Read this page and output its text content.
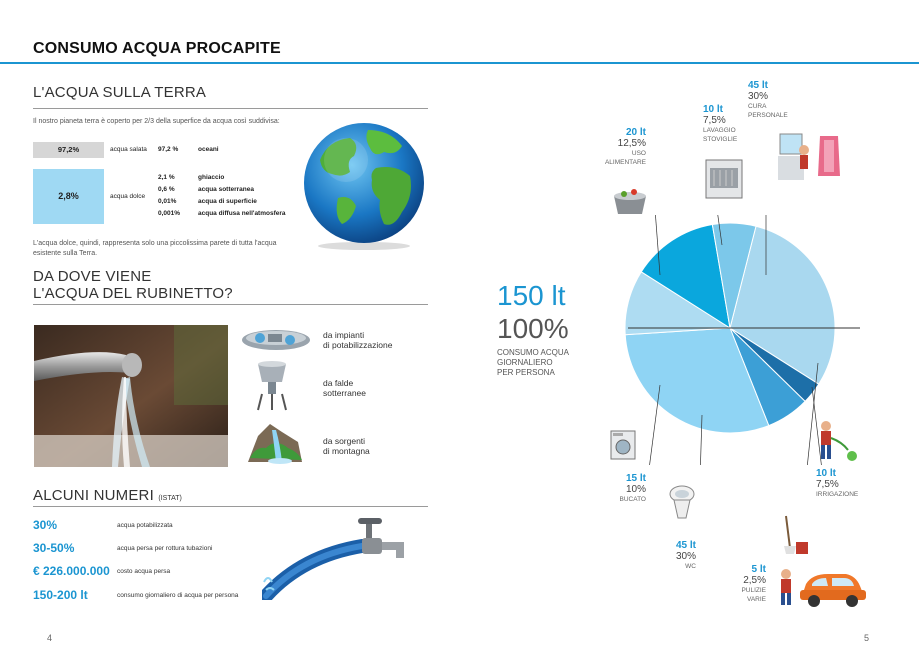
CONSUMO ACQUA PROCAPITE
L'ACQUA SULLA TERRA
Il nostro pianeta terra è coperto per 2/3 della superfice da acqua così suddivisa:
97,2%	acqua salata 97,2 %	oceani
2,8%	acqua dolce
2,1 %	ghiaccio
0,6 %	acqua sotterranea
0,01%	acqua di superficie
0,001%	acqua diffusa nell'atmosfera
L'acqua dolce, quindi, rappresenta solo una piccolissima parete di tutta l'acqua
esistente sulla Terra.
DA DOVE VIENE
L'ACQUA DEL RUBINETTO?
da impianti
di potabilizzazione
da falde
sotterranee
da sorgenti
di montagna
ALCUNI NUMERI (ISTAT)
30%	acqua potabilizzata
30-50%	acqua persa per rottura tubazioni
€ 226.000.000 costo acqua persa
150-200 lt	consumo giornaliero di acqua per persona
150 lt
100%
CONSUMO ACQUA
GIORNALIERO
PER PERSONA
45 lt
30%
CURA
PERSONALE
10 lt
7,5%
LAVAGGIO
STOVIGLIE
20 lt
12,5%
USO
ALIMENTARE
15 lt
10%
BUCATO
45 lt
30%
WC
10 lt
7,5%
IRRIGAZIONE
5 lt
2,5%
PULIZIE
VARIE
4	5
